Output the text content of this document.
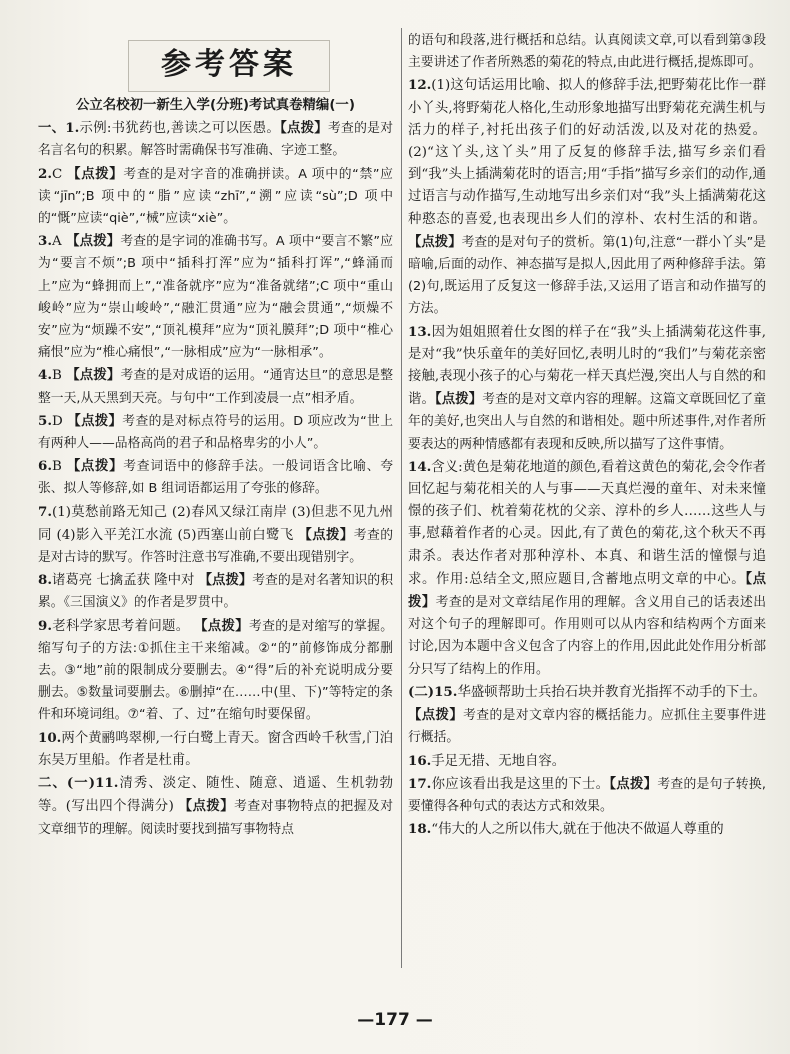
参考答案
公立名校初一新生入学(分班)考试真卷精编(一)

一、1.示例:书犹药也,善读之可以医愚。【点拨】考查的是对名言名句的积累。解答时需确保书写准确、字迹工整。

2.C 【点拨】考查的是对字音的准确拼读。A 项中的“禁”应读“jīn”;B 项中的“脂”应读“zhī”,“溯”应读“sù”;D 项中的“慨”应读“qiè”,“械”应读“xiè”。

3.A 【点拨】考查的是字词的准确书写。A 项中“要言不繁”应为“要言不烦”;B 项中“插科打浑”应为“插科打诨”,“蜂涌而上”应为“蜂拥而上”,“准备就序”应为“准备就绪”;C 项中“重山峻岭”应为“崇山峻岭”,“融汇贯通”应为“融会贯通”,“烦燥不安”应为“烦躁不安”,“顶礼模拜”应为“顶礼膜拜”;D 项中“椎心痛恨”应为“椎心痛恨”,“一脉相成”应为“一脉相承”。

4.B 【点拨】考查的是对成语的运用。“通宵达旦”的意思是整整一天,从天黑到天亮。与句中“工作到凌晨一点”相矛盾。

5.D 【点拨】考查的是对标点符号的运用。D 项应改为“世上有两种人——品格高尚的君子和品格卑劣的小人”。

6.B 【点拨】考查词语中的修辞手法。一般词语含比喻、夸张、拟人等修辞,如 B 组词语都运用了夸张的修辞。

7.(1)莫愁前路无知己 (2)春风又绿江南岸 (3)但悲不见九州同 (4)影入平羌江水流 (5)西塞山前白鹭飞 【点拨】考查的是对古诗的默写。作答时注意书写准确,不要出现错别字。

8.诸葛亮 七擒孟获 隆中对 【点拨】考查的是对名著知识的积累。《三国演义》的作者是罗贯中。

9.老科学家思考着问题。 【点拨】考查的是对缩写的掌握。缩写句子的方法:①抓住主干来缩减。②“的”前修饰成分都删去。③“地”前的限制成分要删去。④“得”后的补充说明成分要删去。⑤数量词要删去。⑥删掉“在……中(里、下)”等特定的条件和环境词组。⑦“着、了、过”在缩句时要保留。

10.两个黄鹂鸣翠柳,一行白鹭上青天。窗含西岭千秋雪,门泊东吴万里船。作者是杜甫。

二、(一)11.清秀、淡定、随性、随意、逍遥、生机勃勃等。(写出四个得满分) 【点拨】考查对事物特点的把握及对文章细节的理解。阅读时要找到描写事物特点

的语句和段落,进行概括和总结。认真阅读文章,可以看到第③段主要讲述了作者所熟悉的菊花的特点,由此进行概括,提炼即可。

12.(1)这句话运用比喻、拟人的修辞手法,把野菊花比作一群小丫头,将野菊花人格化,生动形象地描写出野菊花充满生机与活力的样子,衬托出孩子们的好动活泼,以及对花的热爱。(2)“这丫头,这丫头”用了反复的修辞手法,描写乡亲们看到“我”头上插满菊花时的语言;用“手指”描写乡亲们的动作,通过语言与动作描写,生动地写出乡亲们对“我”头上插满菊花这种憨态的喜爱,也表现出乡人们的淳朴、农村生活的和谐。【点拨】考查的是对句子的赏析。第(1)句,注意“一群小丫头”是暗喻,后面的动作、神态描写是拟人,因此用了两种修辞手法。第(2)句,既运用了反复这一修辞手法,又运用了语言和动作描写的方法。

13.因为姐姐照着仕女图的样子在“我”头上插满菊花这件事,是对“我”快乐童年的美好回忆,表明儿时的“我们”与菊花亲密接触,表现小孩子的心与菊花一样天真烂漫,突出人与自然的和谐。【点拨】考查的是对文章内容的理解。这篇文章既回忆了童年的美好,也突出人与自然的和谐相处。题中所述事件,对作者所要表达的两种情感都有表现和反映,所以描写了这件事情。

14.含义:黄色是菊花地道的颜色,看着这黄色的菊花,会令作者回忆起与菊花相关的人与事——天真烂漫的童年、对未来憧憬的孩子们、枕着菊花枕的父亲、淳朴的乡人……这些人与事,慰藉着作者的心灵。因此,有了黄色的菊花,这个秋天不再肃杀。表达作者对那种淳朴、本真、和谐生活的憧憬与追求。作用:总结全文,照应题目,含蓄地点明文章的中心。【点拨】考查的是对文章结尾作用的理解。含义用自己的话表述出对这个句子的理解即可。作用则可以从内容和结构两个方面来讨论,因为本题中含义包含了内容上的作用,因此此处作用分析部分只写了结构上的作用。

(二)15.华盛顿帮助士兵抬石块并教育光指挥不动手的下士。【点拨】考查的是对文章内容的概括能力。应抓住主要事件进行概括。

16.手足无措、无地自容。

17.你应该看出我是这里的下士。【点拨】考查的是句子转换,要懂得各种句式的表达方式和效果。

18.“伟大的人之所以伟大,就在于他决不做逼人尊重的

—177 —
